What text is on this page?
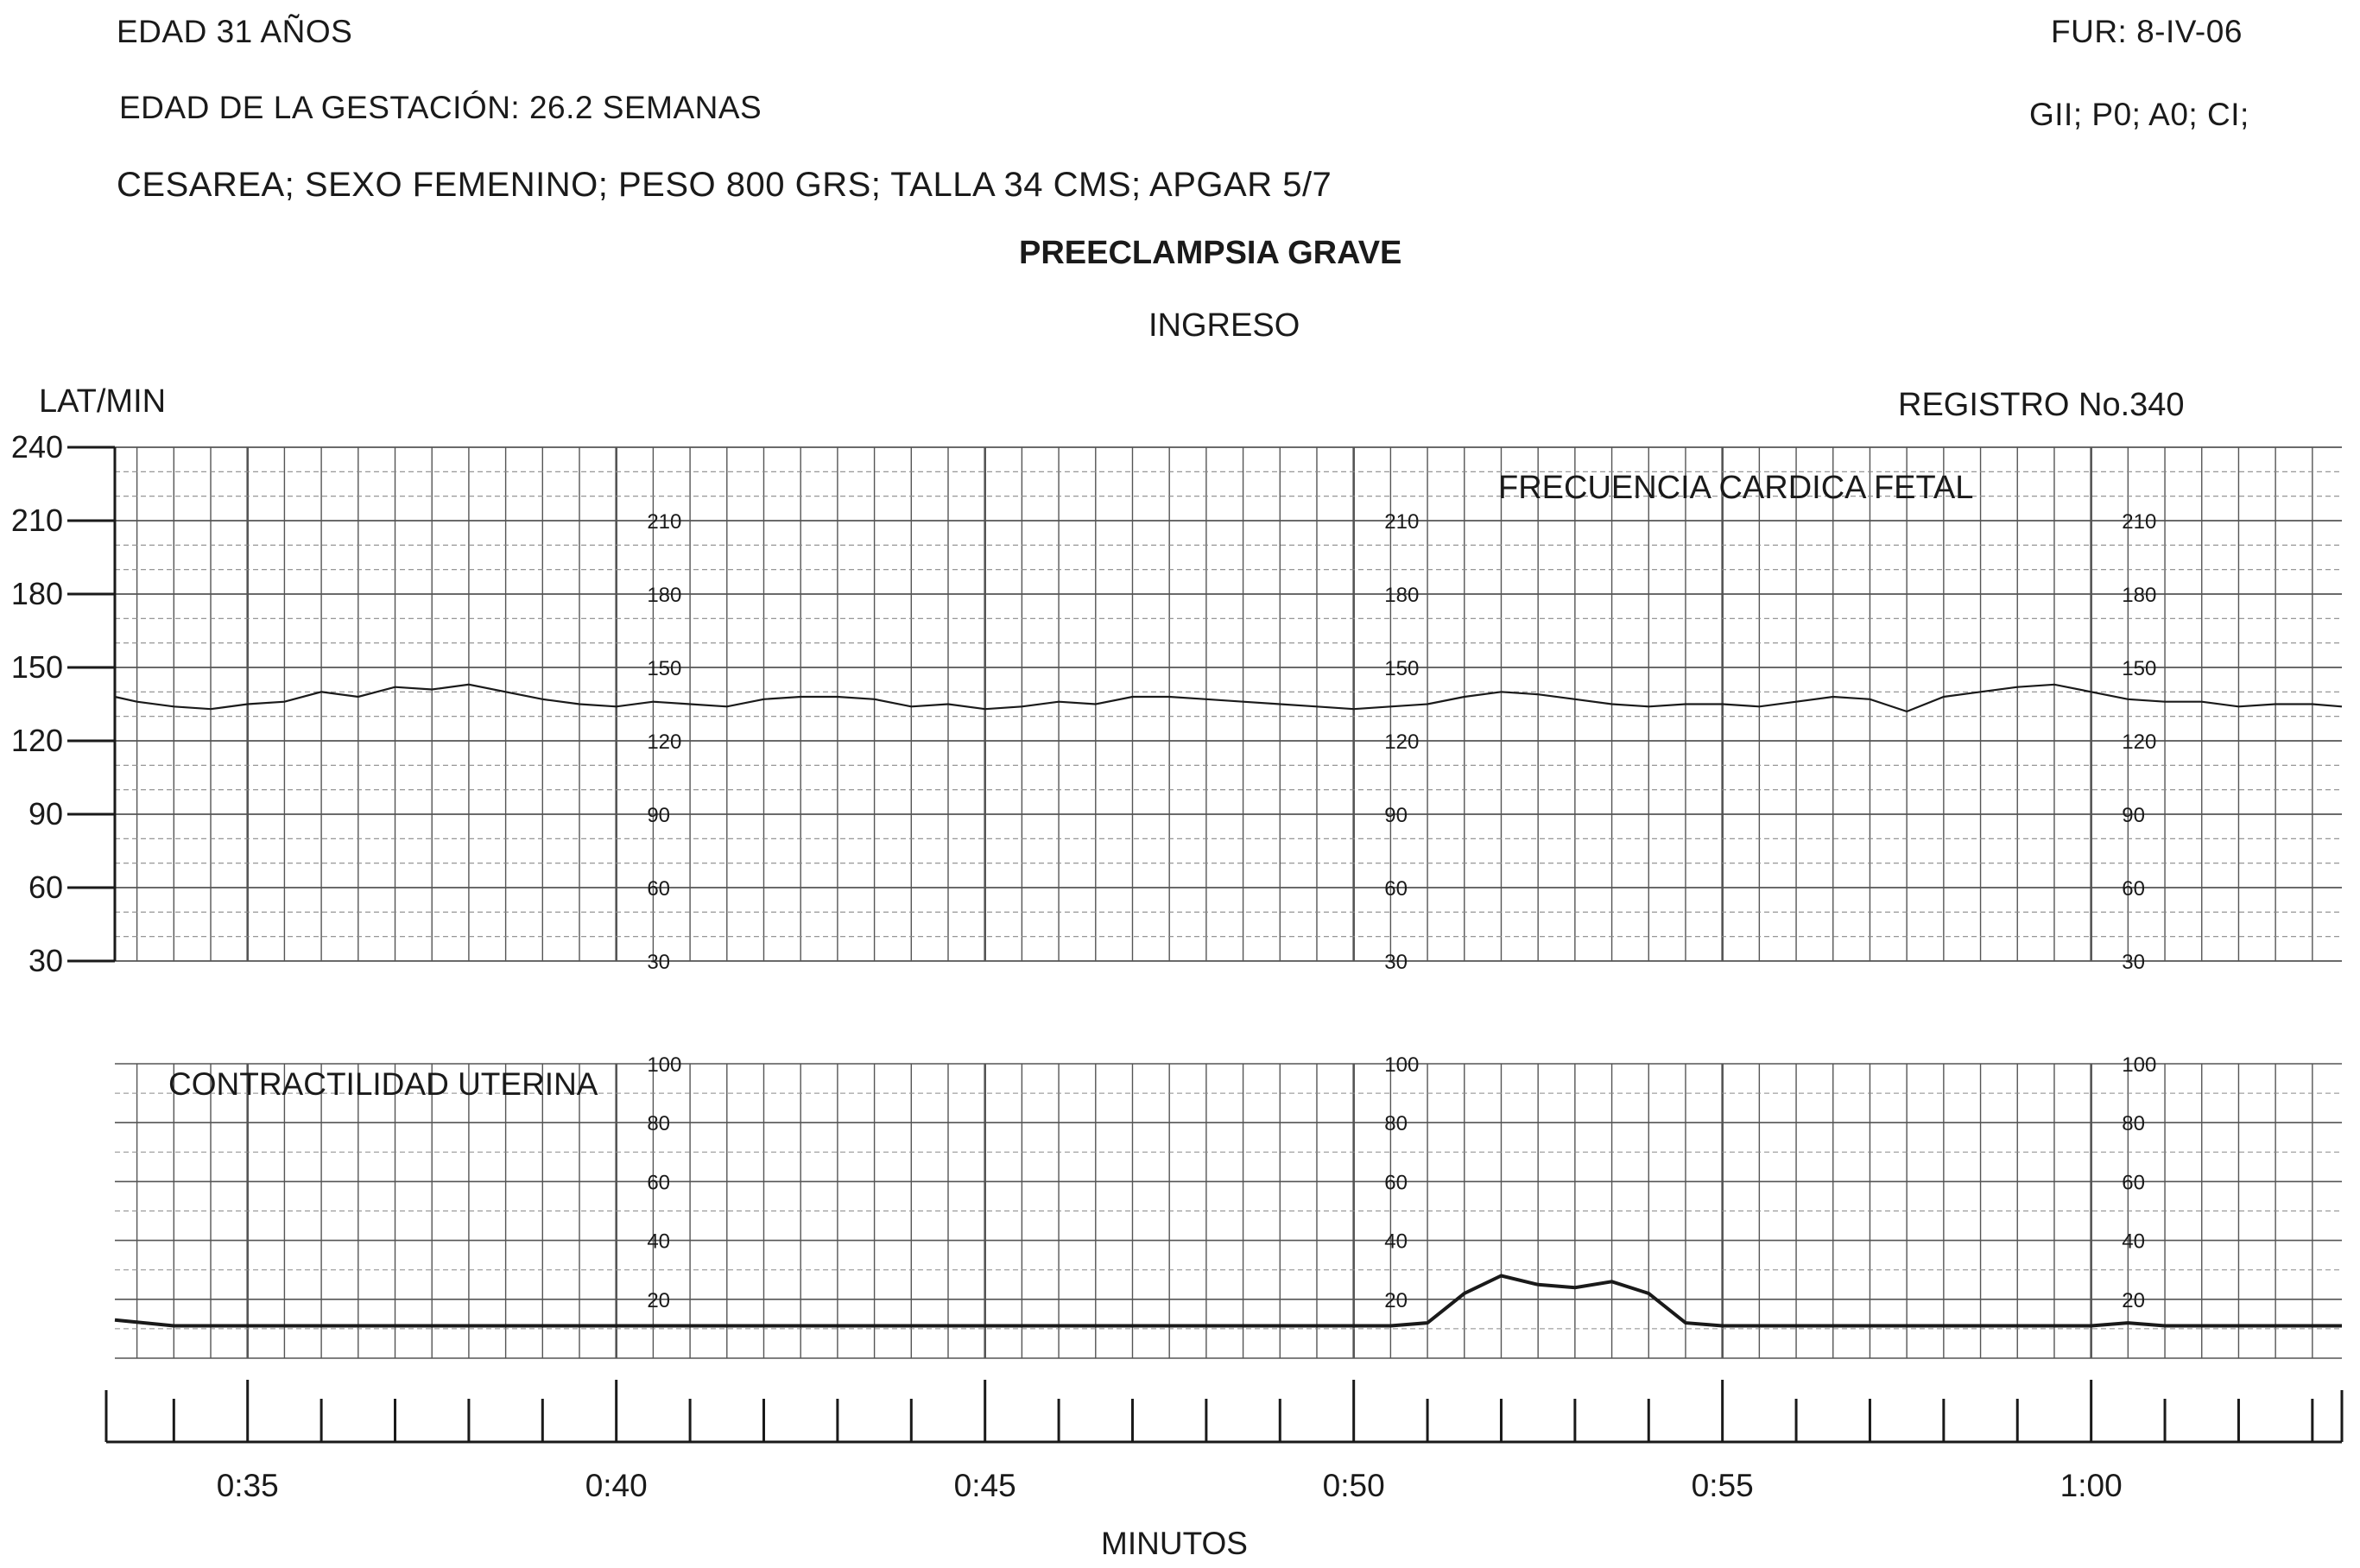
EDAD 31 AÑOS	FUR: 8-IV-06
EDAD DE LA GESTACIÓN: 26.2 SEMANAS	GII; P0; A0; CI;
CESAREA; SEXO FEMENINO; PESO 800 GRS; TALLA 34 CMS; APGAR 5/7
PREECLAMPSIA GRAVE
INGRESO
LAT/MIN	REGISTRO No.340
240
210
180
150
120
90
60
30
210
180
150
120
90
60
30
210
180
150
120
90
60
30
210
180
150
120
90
60
30
100
80
60
40
20
100
80
60
40
20
100
80
60
40
20
0:35	0:40	0:45	0:50	0:55	1:00
FRECUENCIA CARDICA FETAL
CONTRACTILIDAD UTERINA
MINUTOS
